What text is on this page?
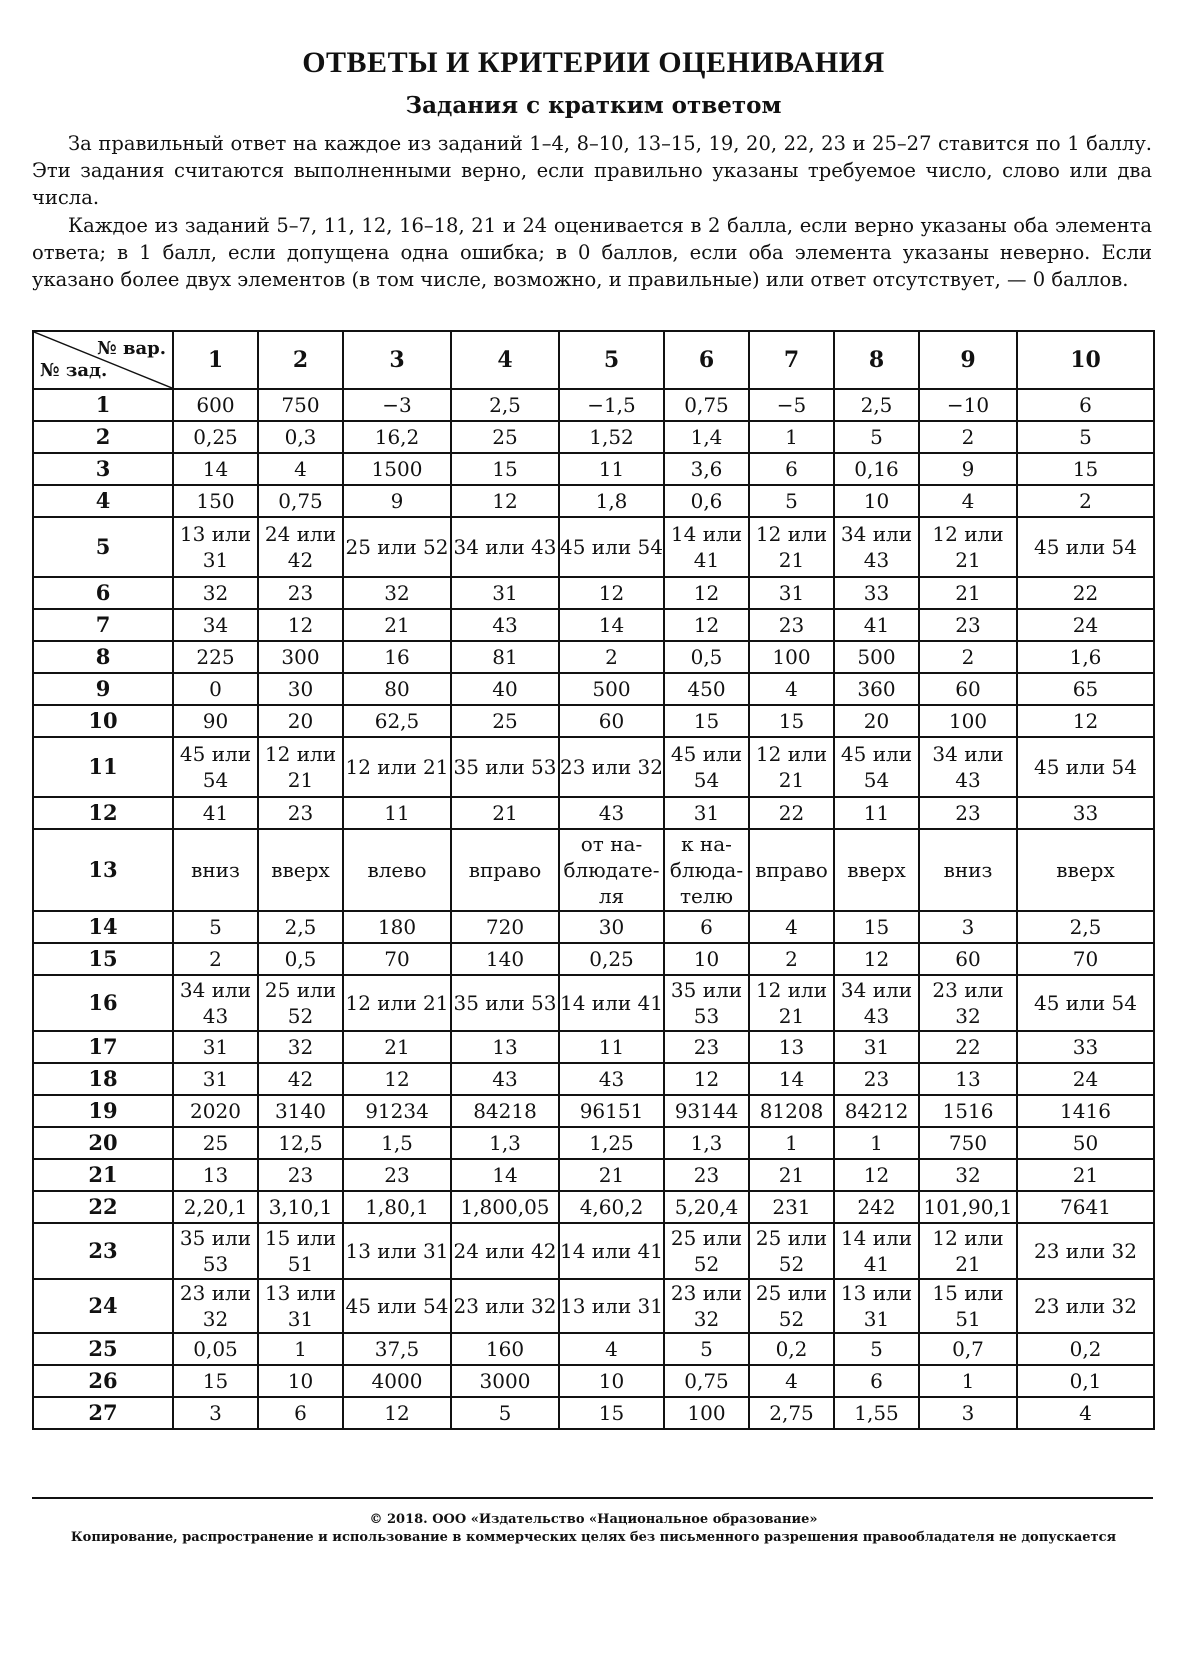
ОТВЕТЫ И КРИТЕРИИ ОЦЕНИВАНИЯ
Задания с кратким ответом

За правильный ответ на каждое из заданий 1–4, 8–10, 13–15, 19, 20, 22, 23 и 25–27 ставится по 1 баллу. Эти задания считаются выполненными верно, если правильно указаны требуемое число, слово или два числа.

Каждое из заданий 5–7, 11, 12, 16–18, 21 и 24 оценивается в 2 балла, если верно указаны оба элемента ответа; в 1 балл, если допущена одна ошибка; в 0 баллов, если оба элемента указаны неверно. Если указано более двух элементов (в том числе, возможно, и правильные) или ответ отсутствует, — 0 баллов.

№ вар.
№ зад.	1	2	3	4	5	6	7	8	9	10
1	600	750	−3	2,5	−1,5	0,75	−5	2,5	−10	6
2	0,25	0,3	16,2	25	1,52	1,4	1	5	2	5
3	14	4	1500	15	11	3,6	6	0,16	9	15
4	150	0,75	9	12	1,8	0,6	5	10	4	2
5	13 или 31	24 или 42	25 или 52	34 или 43	45 или 54	14 или 41	12 или 21	34 или 43	12 или 21	45 или 54
6	32	23	32	31	12	12	31	33	21	22
7	34	12	21	43	14	12	23	41	23	24
8	225	300	16	81	2	0,5	100	500	2	1,6
9	0	30	80	40	500	450	4	360	60	65
10	90	20	62,5	25	60	15	15	20	100	12
11	45 или 54	12 или 21	12 или 21	35 или 53	23 или 32	45 или 54	12 или 21	45 или 54	34 или 43	45 или 54
12	41	23	11	21	43	31	22	11	23	33
13	вниз	вверх	влево	вправо	от на-блюдате-ля	к на-блюда-телю	вправо	вверх	вниз	вверх
14	5	2,5	180	720	30	6	4	15	3	2,5
15	2	0,5	70	140	0,25	10	2	12	60	70
16	34 или 43	25 или 52	12 или 21	35 или 53	14 или 41	35 или 53	12 или 21	34 или 43	23 или 32	45 или 54
17	31	32	21	13	11	23	13	31	22	33
18	31	42	12	43	43	12	14	23	13	24
19	2020	3140	91234	84218	96151	93144	81208	84212	1516	1416
20	25	12,5	1,5	1,3	1,25	1,3	1	1	750	50
21	13	23	23	14	21	23	21	12	32	21
22	2,20,1	3,10,1	1,80,1	1,800,05	4,60,2	5,20,4	231	242	101,90,1	7641
23	35 или 53	15 или 51	13 или 31	24 или 42	14 или 41	25 или 52	25 или 52	14 или 41	12 или 21	23 или 32
24	23 или 32	13 или 31	45 или 54	23 или 32	13 или 31	23 или 32	25 или 52	13 или 31	15 или 51	23 или 32
25	0,05	1	37,5	160	4	5	0,2	5	0,7	0,2
26	15	10	4000	3000	10	0,75	4	6	1	0,1
27	3	6	12	5	15	100	2,75	1,55	3	4
© 2018. ООО «Издательство «Национальное образование»
Копирование, распространение и использование в коммерческих целях без письменного разрешения правообладателя не допускается
